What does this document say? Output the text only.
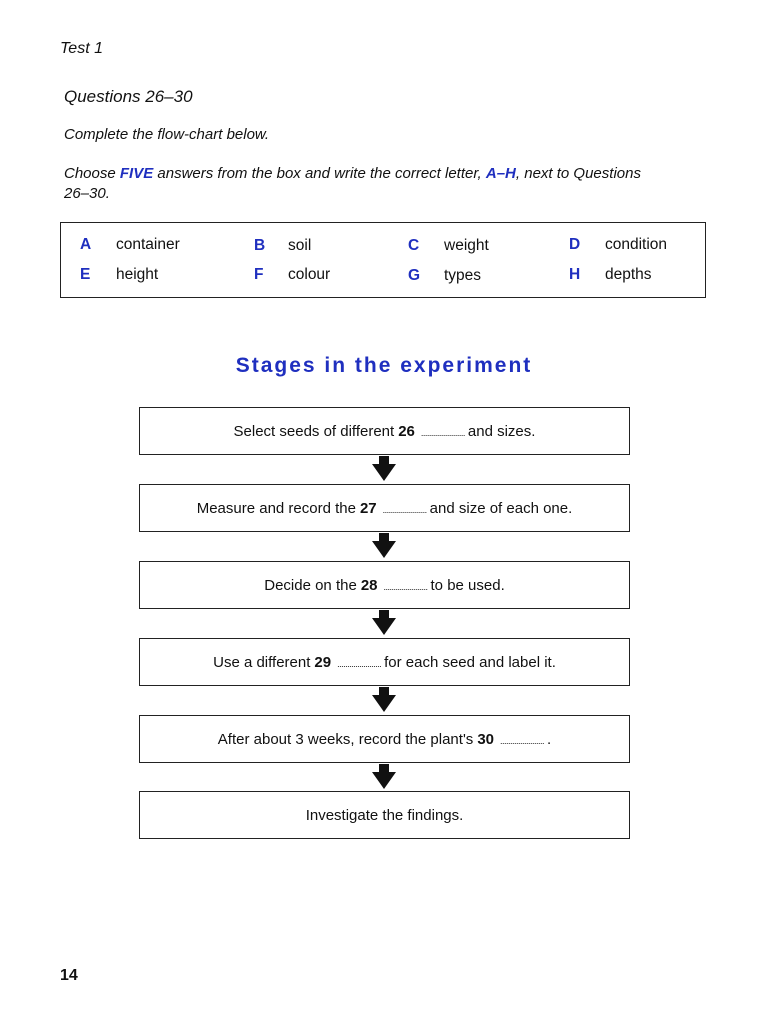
Test 1
Questions 26–30
Complete the flow-chart below.
Choose FIVE answers from the box and write the correct letter, A–H, next to Questions 26–30.
A container	B soil	C weight	D condition
E height	F colour	G types	H depths
Stages in the experiment
Select seeds of different 26 ...................... and sizes.
Measure and record the 27 ...................... and size of each one.
Decide on the 28 ...................... to be used.
Use a different 29 ...................... for each seed and label it.
After about 3 weeks, record the plant's 30 ...................... .
Investigate the findings.
14
